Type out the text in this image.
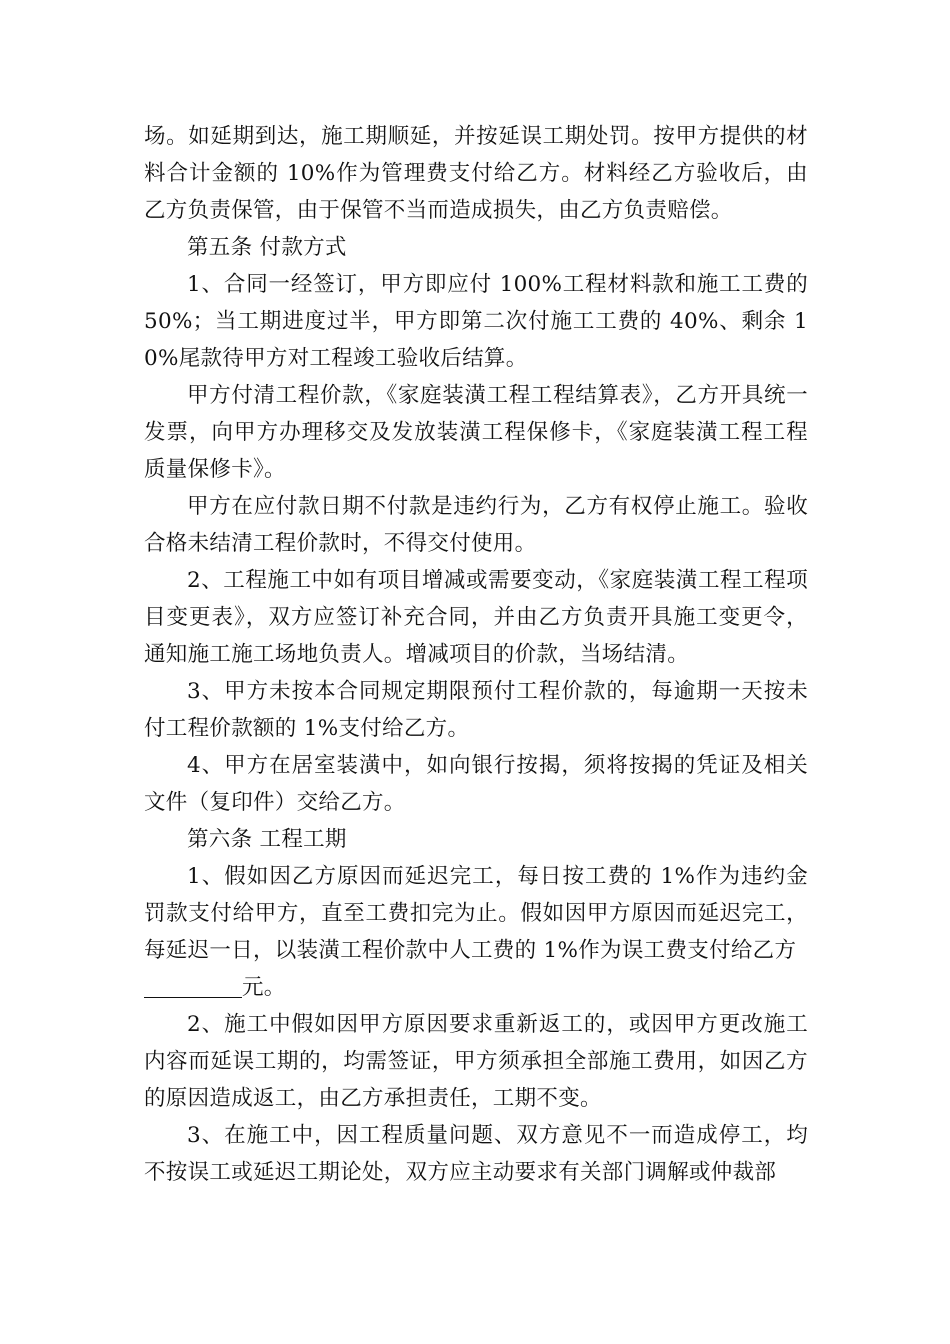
场。如延期到达，施工期顺延，并按延误工期处罚。按甲方提供的材料合计金额的 10%作为管理费支付给乙方。材料经乙方验收后，由乙方负责保管，由于保管不当而造成损失，由乙方负责赔偿。

第五条 付款方式

1、合同一经签订，甲方即应付 100%工程材料款和施工工费的 50%；当工期进度过半，甲方即第二次付施工工费的 40%、剩余 10%尾款待甲方对工程竣工验收后结算。

甲方付清工程价款，《家庭装潢工程工程结算表》，乙方开具统一发票，向甲方办理移交及发放装潢工程保修卡，《家庭装潢工程工程质量保修卡》。

甲方在应付款日期不付款是违约行为，乙方有权停止施工。验收合格未结清工程价款时，不得交付使用。

2、工程施工中如有项目增减或需要变动，《家庭装潢工程工程项目变更表》，双方应签订补充合同，并由乙方负责开具施工变更令，通知施工施工场地负责人。增减项目的价款，当场结清。

3、甲方未按本合同规定期限预付工程价款的，每逾期一天按未付工程价款额的 1%支付给乙方。

4、甲方在居室装潢中，如向银行按揭，须将按揭的凭证及相关文件（复印件）交给乙方。

第六条 工程工期

1、假如因乙方原因而延迟完工，每日按工费的 1%作为违约金罚款支付给甲方，直至工费扣完为止。假如因甲方原因而延迟完工，每延迟一日，以装潢工程价款中人工费的 1%作为误工费支付给乙方
元。

2、施工中假如因甲方原因要求重新返工的，或因甲方更改施工内容而延误工期的，均需签证，甲方须承担全部施工费用，如因乙方的原因造成返工，由乙方承担责任，工期不变。

3、在施工中，因工程质量问题、双方意见不一而造成停工，均不按误工或延迟工期论处，双方应主动要求有关部门调解或仲裁部
